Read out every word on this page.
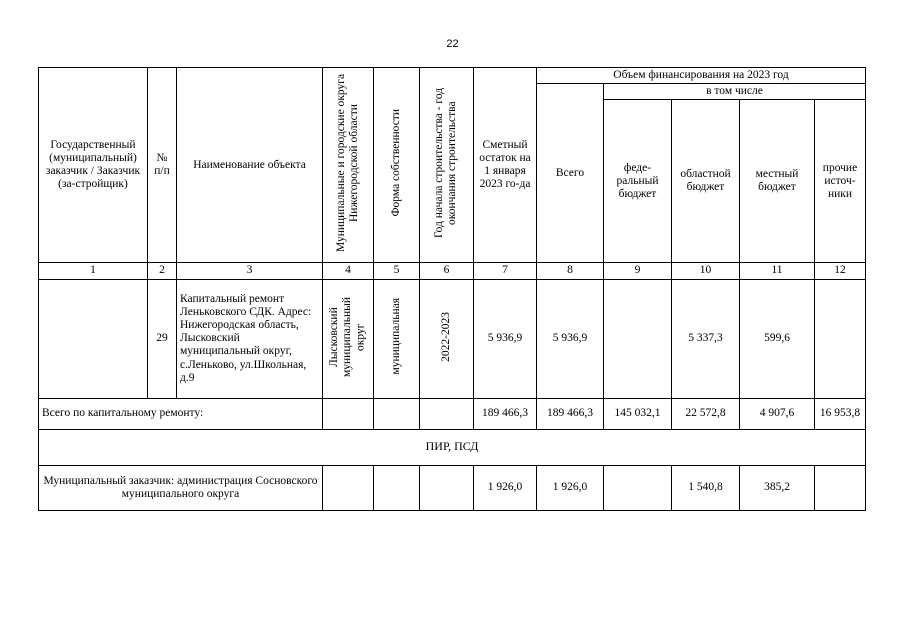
22
Государственный (муниципальный) заказчик / Заказчик (за-стройщик)	№ п/п	Наименование объекта	Муниципальные и городские округа Нижегородской области	Форма собственности	Год начала строительства - год окончания строительства	Сметный остаток на 1 января 2023 го-да	Объем финансирования на 2023 год				
							Всего	в том числе			
								феде-ральный бюджет	областной бюджет	местный бюджет	прочие источ-ники
1	2	3	4	5	6	7	8	9	10	11	12
	29	Капитальный ремонт Леньковского СДК. Адрес: Нижегородская область, Лысковский муниципальный округ, с.Леньково, ул.Школьная, д.9	Лысковский муниципальный округ	муниципальная	2022-2023	5 936,9	5 936,9		5 337,3	599,6	
Всего по капитальному ремонту:						189 466,3	189 466,3	145 032,1	22 572,8	4 907,6	16 953,8
ПИР, ПСД											
Муниципальный заказчик: администрация Сосновского муниципального округа						1 926,0	1 926,0		1 540,8	385,2	
